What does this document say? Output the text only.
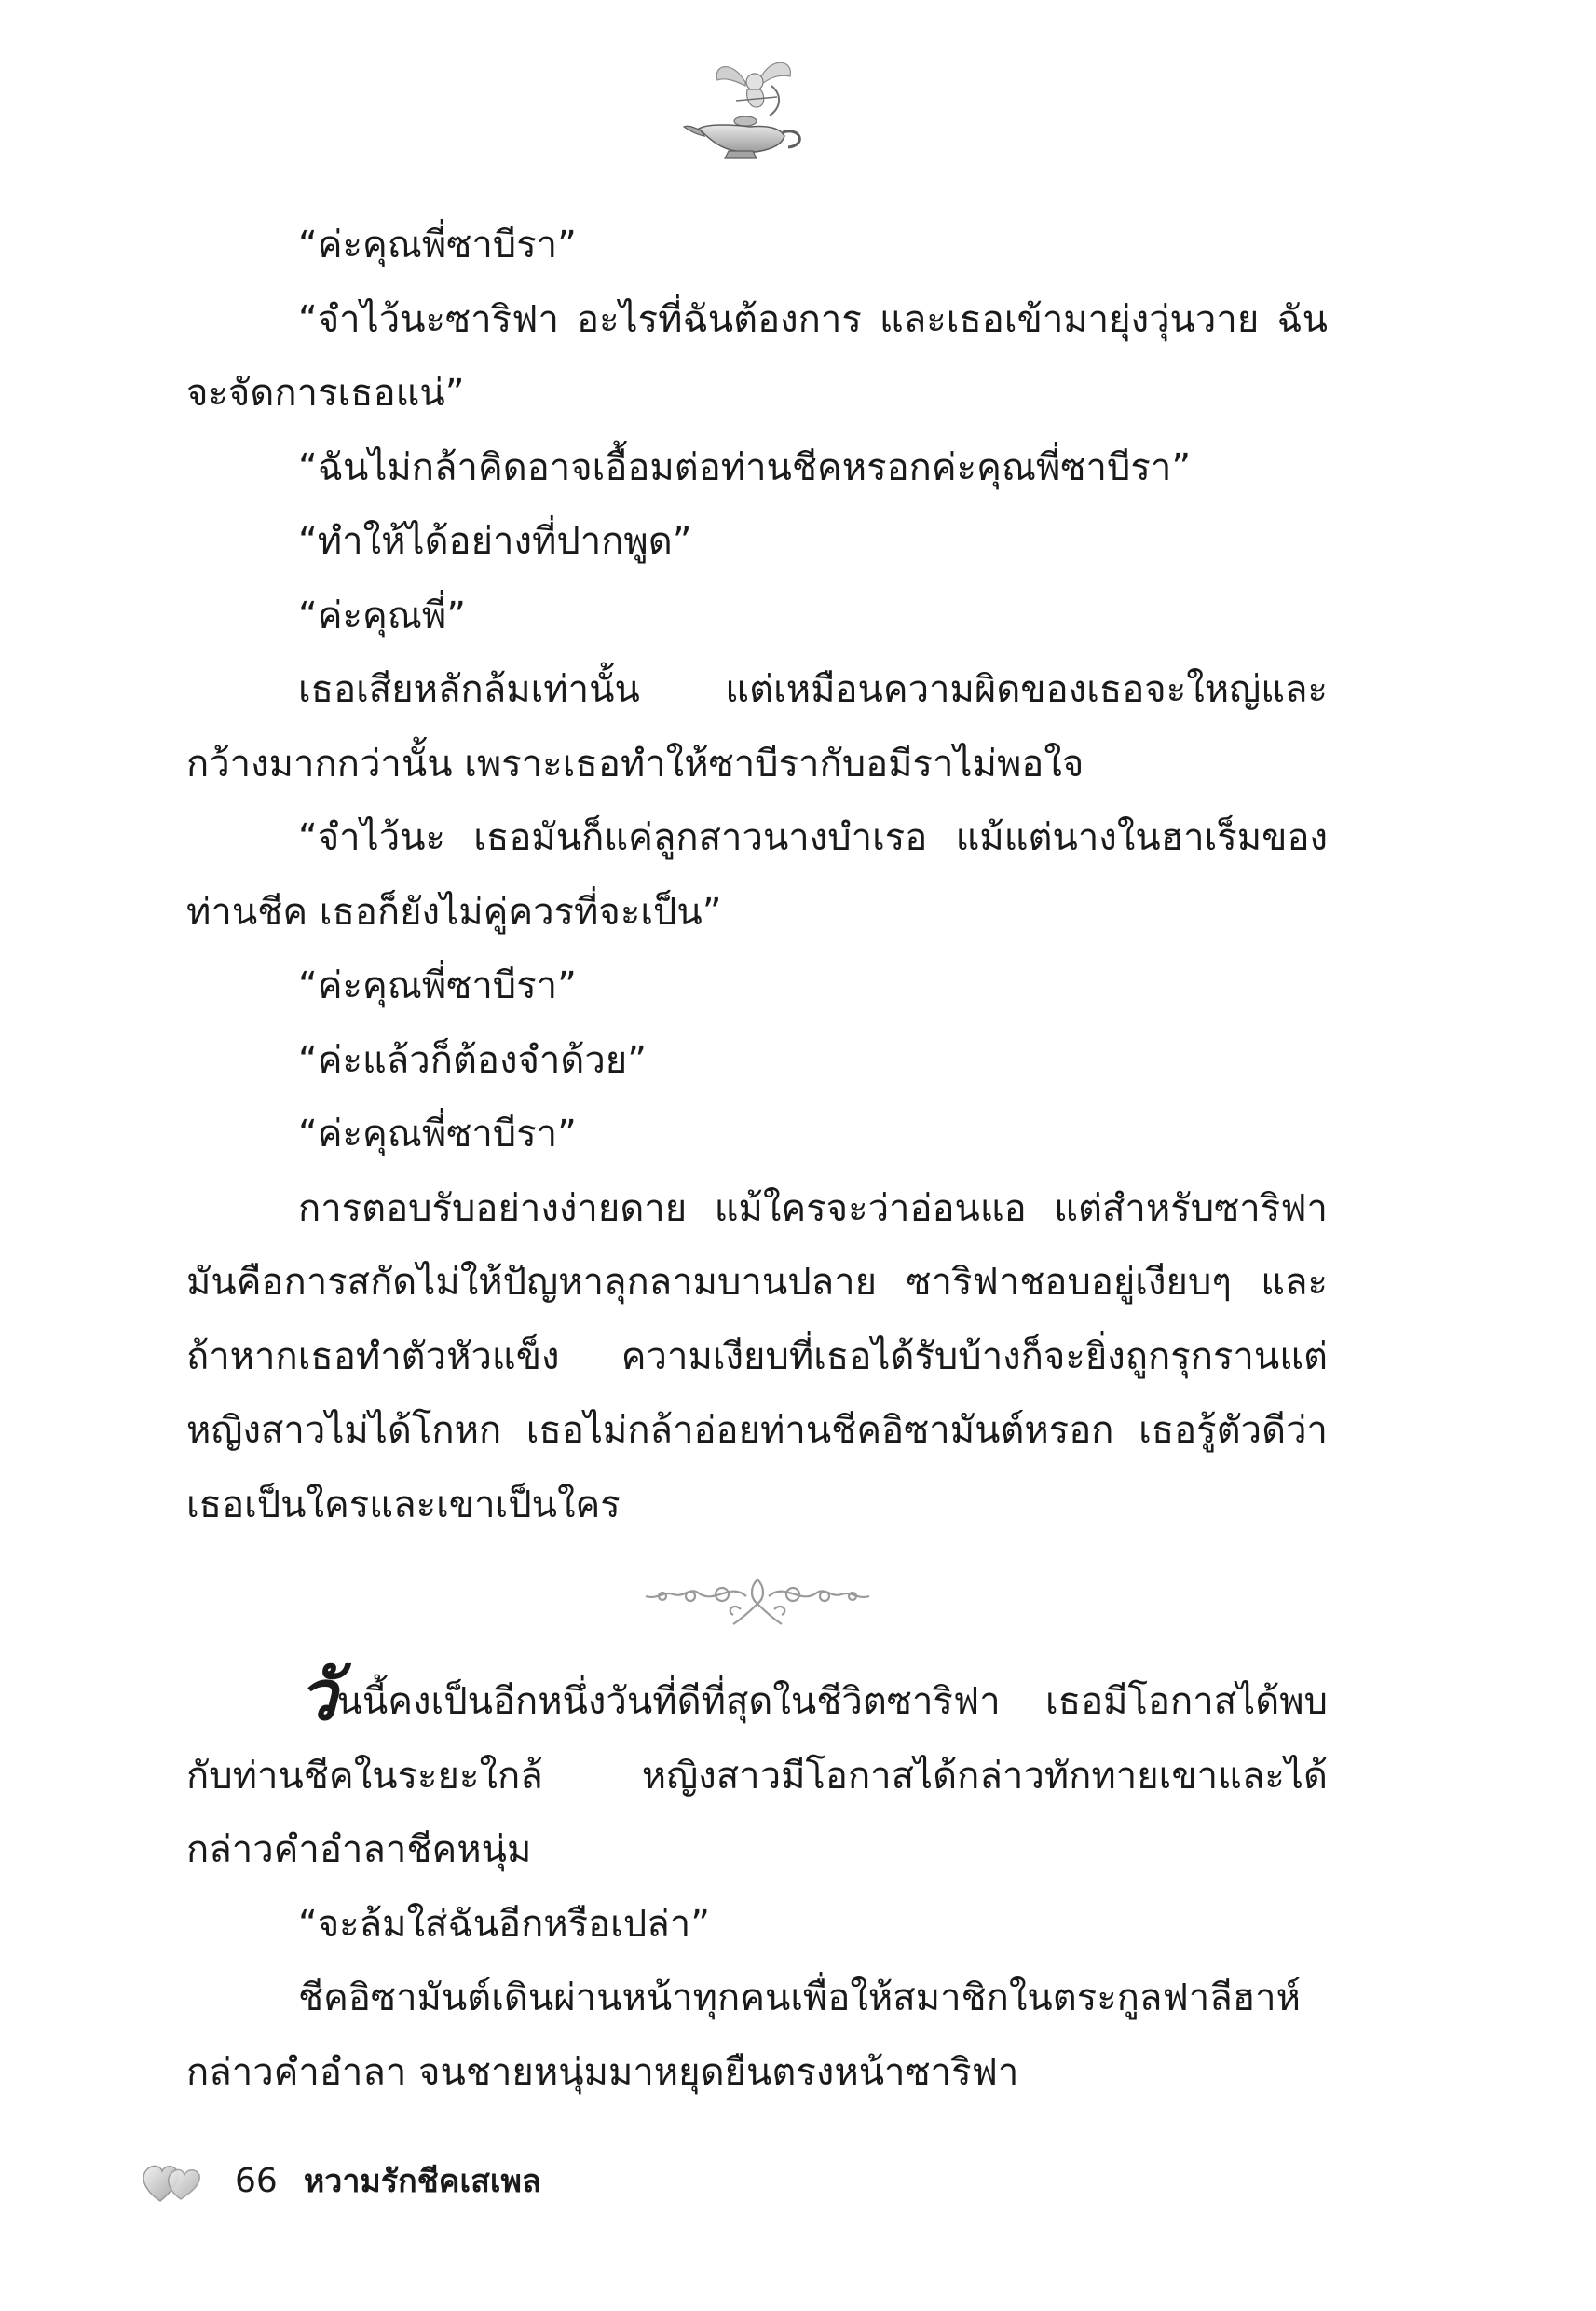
“ค่ะคุณพี่ซาบีรา”

“จำไว้นะซาริฟา อะไรที่ฉันต้องการ และเธอเข้ามายุ่งวุ่นวาย ฉันจะจัดการเธอแน่”

“ฉันไม่กล้าคิดอาจเอื้อมต่อท่านชีคหรอกค่ะคุณพี่ซาบีรา”

“ทำให้ได้อย่างที่ปากพูด”

“ค่ะคุณพี่”

เธอเสียหลักล้มเท่านั้น แต่เหมือนความผิดของเธอจะใหญ่และกว้างมากกว่านั้น เพราะเธอทำให้ซาบีรากับอมีราไม่พอใจ

“จำไว้นะ เธอมันก็แค่ลูกสาวนางบำเรอ แม้แต่นางในฮาเร็มของท่านชีค เธอก็ยังไม่คู่ควรที่จะเป็น”

“ค่ะคุณพี่ซาบีรา”

“ค่ะแล้วก็ต้องจำด้วย”

“ค่ะคุณพี่ซาบีรา”

การตอบรับอย่างง่ายดาย แม้ใครจะว่าอ่อนแอ แต่สำหรับซาริฟามันคือการสกัดไม่ให้ปัญหาลุกลามบานปลาย ซาริฟาชอบอยู่เงียบๆ และถ้าหากเธอทำตัวหัวแข็ง ความเงียบที่เธอได้รับบ้างก็จะยิ่งถูกรุกรานแต่หญิงสาวไม่ได้โกหก เธอไม่กล้าอ่อยท่านชีคอิซามันต์หรอก เธอรู้ตัวดีว่าเธอเป็นใครและเขาเป็นใคร

วันนี้คงเป็นอีกหนึ่งวันที่ดีที่สุดในชีวิตซาริฟา เธอมีโอกาสได้พบกับท่านชีคในระยะใกล้ หญิงสาวมีโอกาสได้กล่าวทักทายเขาและได้กล่าวคำอำลาชีคหนุ่ม

“จะล้มใส่ฉันอีกหรือเปล่า”

ชีคอิซามันต์เดินผ่านหน้าทุกคนเพื่อให้สมาชิกในตระกูลฟาลีฮาห์กล่าวคำอำลา จนชายหนุ่มมาหยุดยืนตรงหน้าซาริฟา

66 หวามรักชีคเสเพล
